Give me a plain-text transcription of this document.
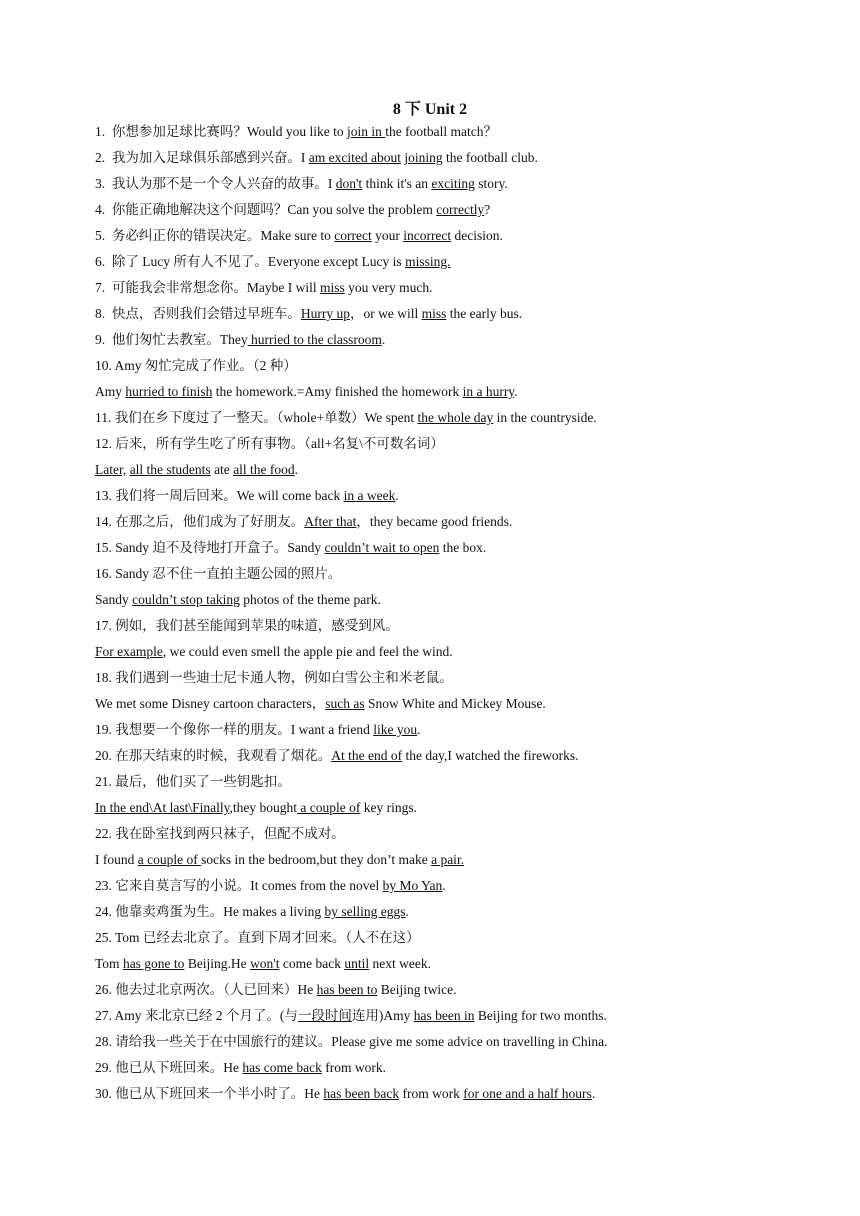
8 下 Unit 2
1.  你想参加足球比赛吗？Would you like to join in the football match？
2.  我为加入足球俱乐部感到兴奋。I am excited about joining the football club.
3.  我认为那不是一个令人兴奋的故事。I don't think it's an exciting story.
4.  你能正确地解决这个问题吗？Can you solve the problem correctly?
5.  务必纠正你的错误决定。Make sure to correct your incorrect decision.
6.  除了 Lucy 所有人不见了。Everyone except Lucy is missing.
7.  可能我会非常想念你。Maybe I will miss you very much.
8.  快点，否则我们会错过早班车。Hurry up，or we will miss the early bus.
9.  他们匆忙去教室。They hurried to the classroom.
10. Amy 匆忙完成了作业。（2 种）
Amy hurried to finish the homework.=Amy finished the homework in a hurry.
11. 我们在乡下度过了一整天。（whole+单数）We spent the whole day in the countryside.
12. 后来，所有学生吃了所有事物。（all+名复\不可数名词）
Later, all the students ate all the food.
13. 我们将一周后回来。We will come back in a week.
14. 在那之后，他们成为了好朋友。After that，they became good friends.
15. Sandy 迫不及待地打开盒子。Sandy couldn’t wait to open the box.
16. Sandy 忍不住一直拍主题公园的照片。
Sandy couldn’t stop taking photos of the theme park.
17. 例如，我们甚至能闻到苹果的味道，感受到风。
For example, we could even smell the apple pie and feel the wind.
18. 我们遇到一些迪士尼卡通人物，例如白雪公主和米老鼠。
We met some Disney cartoon characters，such as Snow White and Mickey Mouse.
19. 我想要一个像你一样的朋友。I want a friend like you.
20. 在那天结束的时候，我观看了烟花。At the end of the day,I watched the fireworks.
21. 最后，他们买了一些钥匙扣。
In the end\At last\Finally,they bought a couple of key rings.
22. 我在卧室找到两只袜子，但配不成对。
I found a couple of socks in the bedroom,but they don’t make a pair.
23. 它来自莫言写的小说。It comes from the novel by Mo Yan.
24. 他靠卖鸡蛋为生。He makes a living by selling eggs.
25. Tom 已经去北京了。直到下周才回来。（人不在这）
Tom has gone to Beijing.He won't come back until next week.
26. 他去过北京两次。（人已回来）He has been to Beijing twice.
27. Amy 来北京已经 2 个月了。(与一段时间连用)Amy has been in Beijing for two months.
28. 请给我一些关于在中国旅行的建议。Please give me some advice on travelling in China.
29. 他已从下班回来。He has come back from work.
30. 他已从下班回来一个半小时了。He has been back from work for one and a half hours.
